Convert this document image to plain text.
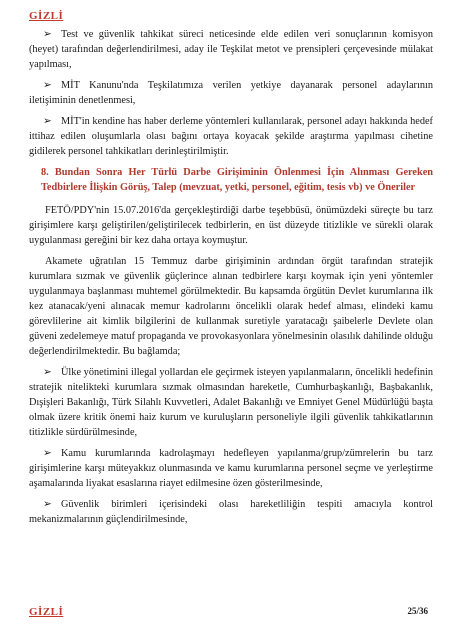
GİZLİ

➢ Test ve güvenlik tahkikat süreci neticesinde elde edilen veri sonuçlarının komisyon (heyet) tarafından değerlendirilmesi, aday ile Teşkilat metot ve prensipleri çerçevesinde mülakat yapılması,

➢ MİT Kanunu'nda Teşkilatımıza verilen yetkiye dayanarak personel adaylarının iletişiminin denetlenmesi,

➢ MİT'in kendine has haber derleme yöntemleri kullanılarak, personel adayı hakkında hedef ittihaz edilen oluşumlarla olası bağını ortaya koyacak şekilde araştırma yapılması cihetine gidilerek personel tahkikatları derinleştirilmiştir.

8. Bundan Sonra Her Türlü Darbe Girişiminin Önlenmesi İçin Alınması Gereken Tedbirlere İlişkin Görüş, Talep (mevzuat, yetki, personel, eğitim, tesis vb) ve Öneriler

FETÖ/PDY'nin 15.07.2016'da gerçekleştirdiği darbe teşebbüsü, önümüzdeki süreçte bu tarz girişimlere karşı geliştirilen/geliştirilecek tedbirlerin, en üst düzeyde titizlikle ve sürekli olarak uygulanması gereğini bir kez daha ortaya koymuştur.

Akamete uğratılan 15 Temmuz darbe girişiminin ardından örgüt tarafından stratejik kurumlara sızmak ve güvenlik güçlerince alınan tedbirlere karşı koymak için yeni yöntemler uygulanmaya başlanması muhtemel görülmektedir. Bu kapsamda örgütün Devlet kurumlarına ilk kez atanacak/yeni alınacak memur kadrolarını öncelikli olarak hedef alması, elindeki kamu görevlilerine ait kimlik bilgilerini de kullanmak suretiyle yaratacağı şaibelerle Devlete olan güveni zedelemeye matuf propaganda ve provokasyonlara yönelmesinin olasılık dahilinde olduğu değerlendirilmektedir. Bu bağlamda;

➢ Ülke yönetimini illegal yollardan ele geçirmek isteyen yapılanmaların, öncelikli hedefinin stratejik nitelikteki kurumlara sızmak olmasından hareketle, Cumhurbaşkanlığı, Başbakanlık, Dışişleri Bakanlığı, Türk Silahlı Kuvvetleri, Adalet Bakanlığı ve Emniyet Genel Müdürlüğü başta olmak üzere kritik önemi haiz kurum ve kuruluşların personeliyle ilgili güvenlik tahkikatlarının titizlikle sürdürülmesinde,

➢ Kamu kurumlarında kadrolaşmayı hedefleyen yapılanma/grup/zümrelerin bu tarz girişimlerine karşı müteyakkız olunmasında ve kamu kurumlarına personel seçme ve yerleştirme aşamalarında liyakat esaslarına riayet edilmesine özen gösterilmesinde,

➢ Güvenlik birimleri içerisindeki olası hareketliliğin tespiti amacıyla kontrol mekanizmalarının güçlendirilmesinde,

GİZLİ	25/36
